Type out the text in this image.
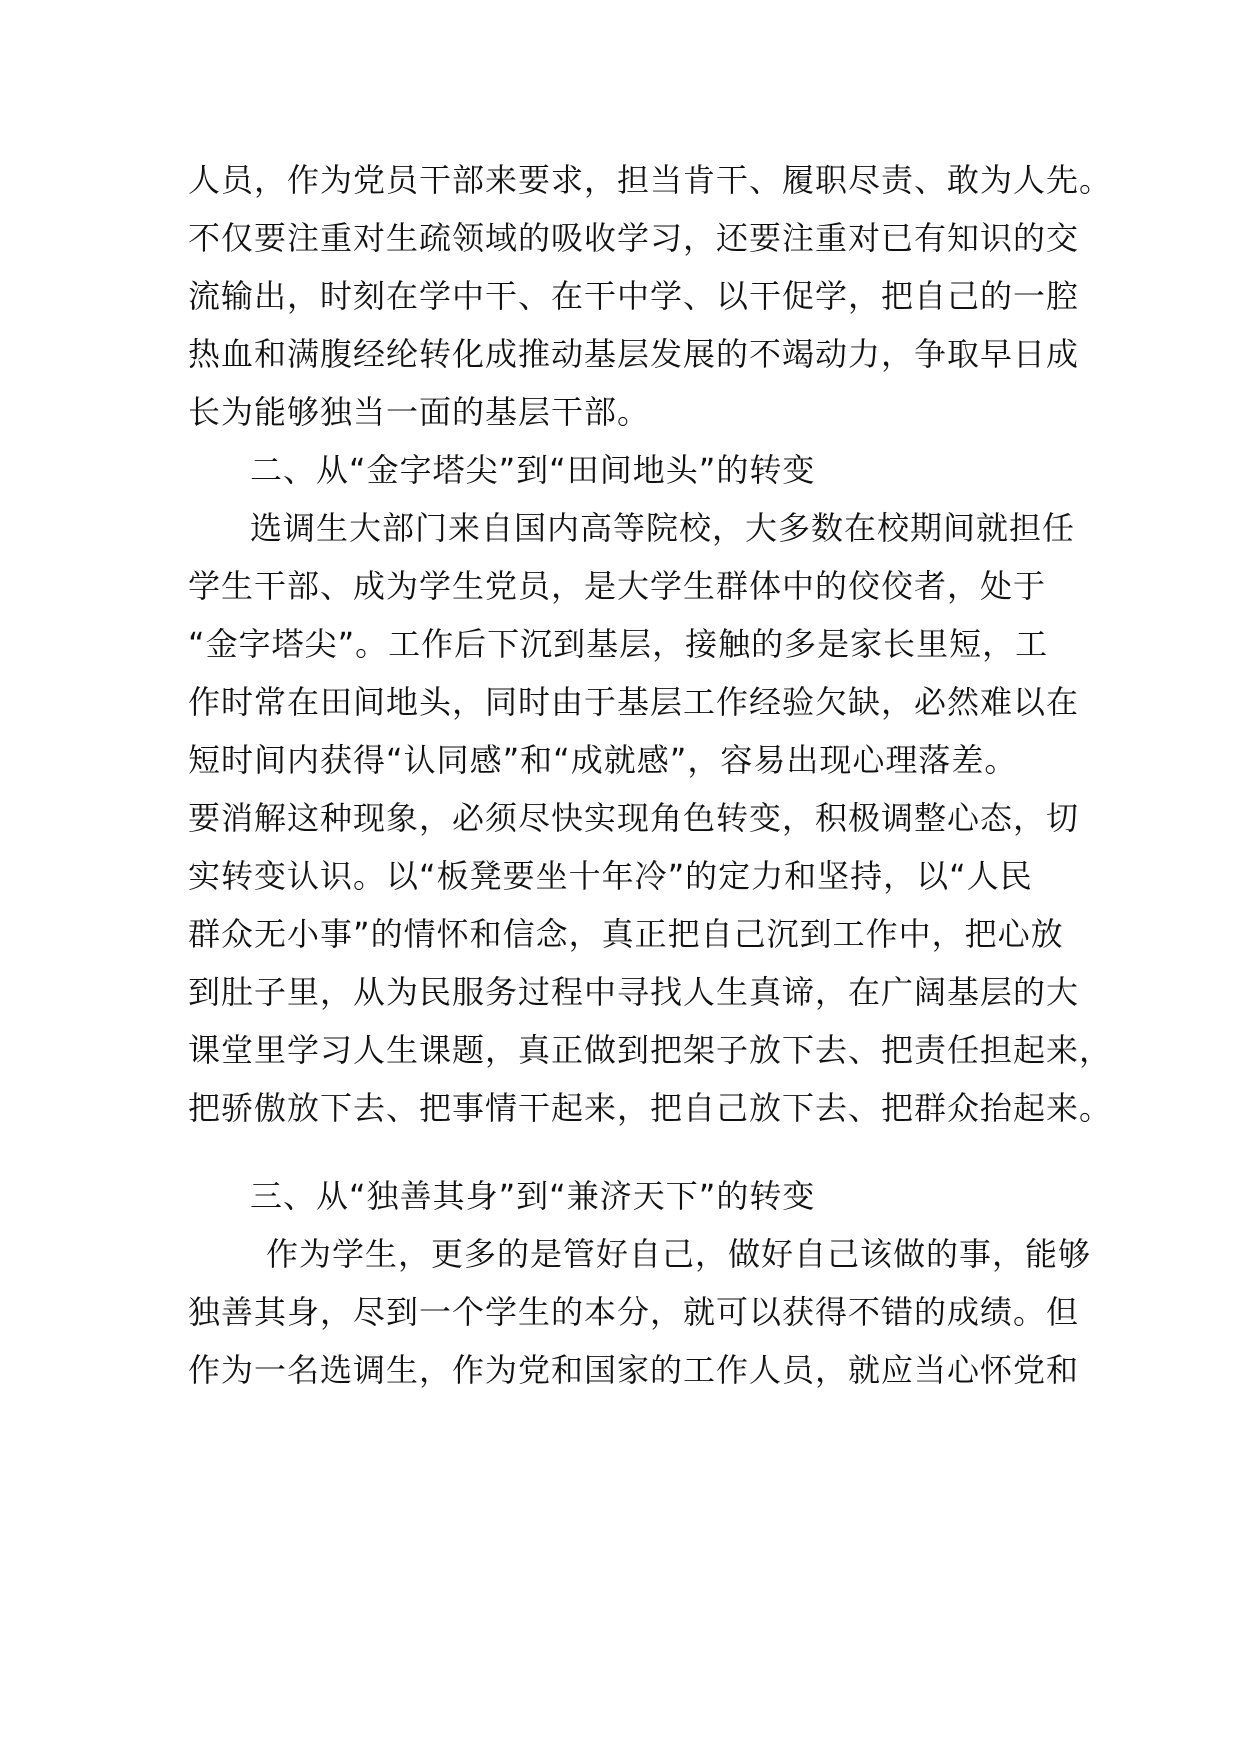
人员，作为党员干部来要求，担当肯干、履职尽责、敢为人先。
不仅要注重对生疏领域的吸收学习，还要注重对已有知识的交
流输出，时刻在学中干、在干中学、以干促学，把自己的一腔
热血和满腹经纶转化成推动基层发展的不竭动力，争取早日成
长为能够独当一面的基层干部。
二、从“金字塔尖”到“田间地头”的转变
选调生大部门来自国内高等院校，大多数在校期间就担任
学生干部、成为学生党员，是大学生群体中的佼佼者，处于
“金字塔尖”。工作后下沉到基层，接触的多是家长里短，工
作时常在田间地头，同时由于基层工作经验欠缺，必然难以在
短时间内获得“认同感”和“成就感”，容易出现心理落差。
要消解这种现象，必须尽快实现角色转变，积极调整心态，切
实转变认识。以“板凳要坐十年冷”的定力和坚持，以“人民
群众无小事”的情怀和信念，真正把自己沉到工作中，把心放
到肚子里，从为民服务过程中寻找人生真谛，在广阔基层的大
课堂里学习人生课题，真正做到把架子放下去、把责任担起来，
把骄傲放下去、把事情干起来，把自己放下去、把群众抬起来。
三、从“独善其身”到“兼济天下”的转变
作为学生，更多的是管好自己，做好自己该做的事，能够
独善其身，尽到一个学生的本分，就可以获得不错的成绩。但
作为一名选调生，作为党和国家的工作人员，就应当心怀党和
